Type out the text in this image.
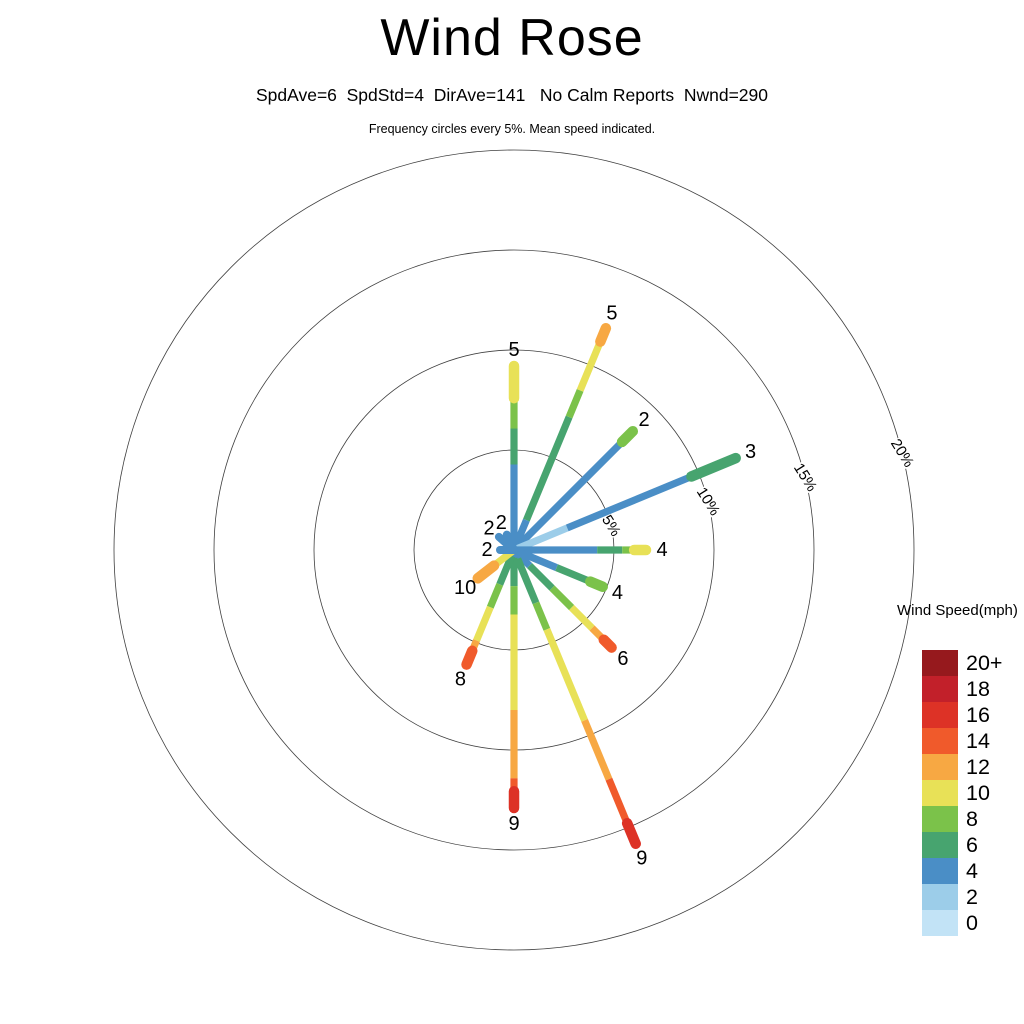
Wind Rose
SpdAve=6  SpdStd=4  DirAve=141   No Calm Reports  Nwnd=290
Frequency circles every 5%. Mean speed indicated.
5%
10%
15%
20%
5
5
2
3
4
4
6
9
9
8
10
2
2 2
Wind Speed(mph)
20+
18
16
14
12
10
8
6
4
2
0
